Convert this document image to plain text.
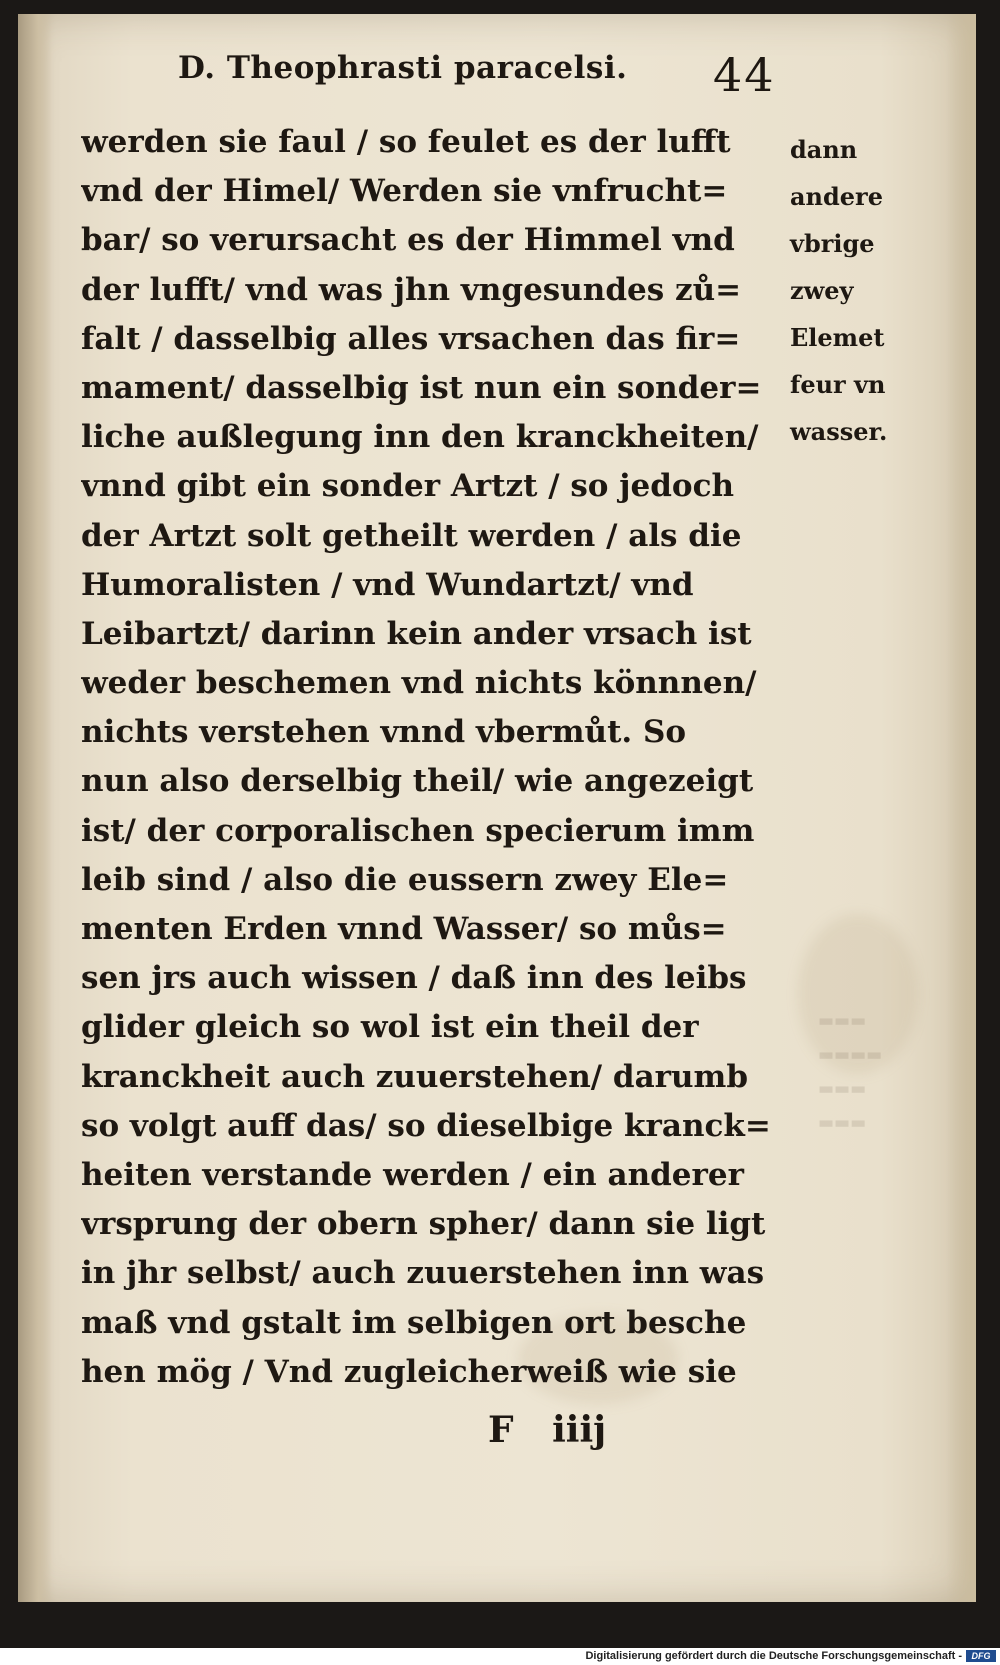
▬▬▬
▬▬▬▬
▬▬▬
▬▬▬
D. Theophrasti paracelsi. 44
werden sie faul / so feulet es der lufft
vnd der Himel/ Werden sie vnfrucht=
bar/ so verursacht es der Himmel vnd
der lufft/ vnd was jhn vngesundes zů=
falt / dasselbig alles vrsachen das fir=
mament/ dasselbig ist nun ein sonder=
liche außlegung inn den kranckheiten/
vnnd gibt ein sonder Artzt / so jedoch
der Artzt solt getheilt werden / als die
Humoralisten / vnd Wundartzt/ vnd
Leibartzt/ darinn kein ander vrsach ist
weder beschemen vnd nichts könnnen/
nichts verstehen vnnd vbermůt. So
nun also derselbig theil/ wie angezeigt
ist/ der corporalischen specierum imm
leib sind / also die eussern zwey Ele=
menten Erden vnnd Wasser/ so můs=
sen jrs auch wissen / daß inn des leibs
glider gleich so wol ist ein theil der
kranckheit auch zuuerstehen/ darumb
so volgt auff das/ so dieselbige kranck=
heiten verstande werden / ein anderer
vrsprung der obern spher/ dann sie ligt
in jhr selbst/ auch zuuerstehen inn was
maß vnd gstalt im selbigen ort besche
hen mög / Vnd zugleicherweiß wie sie
dann
andere
vbrige
zwey
Elemet
feur vn
wasser.
F iiij
Digitalisierung gefördert durch die Deutsche Forschungsgemeinschaft -	DFG
